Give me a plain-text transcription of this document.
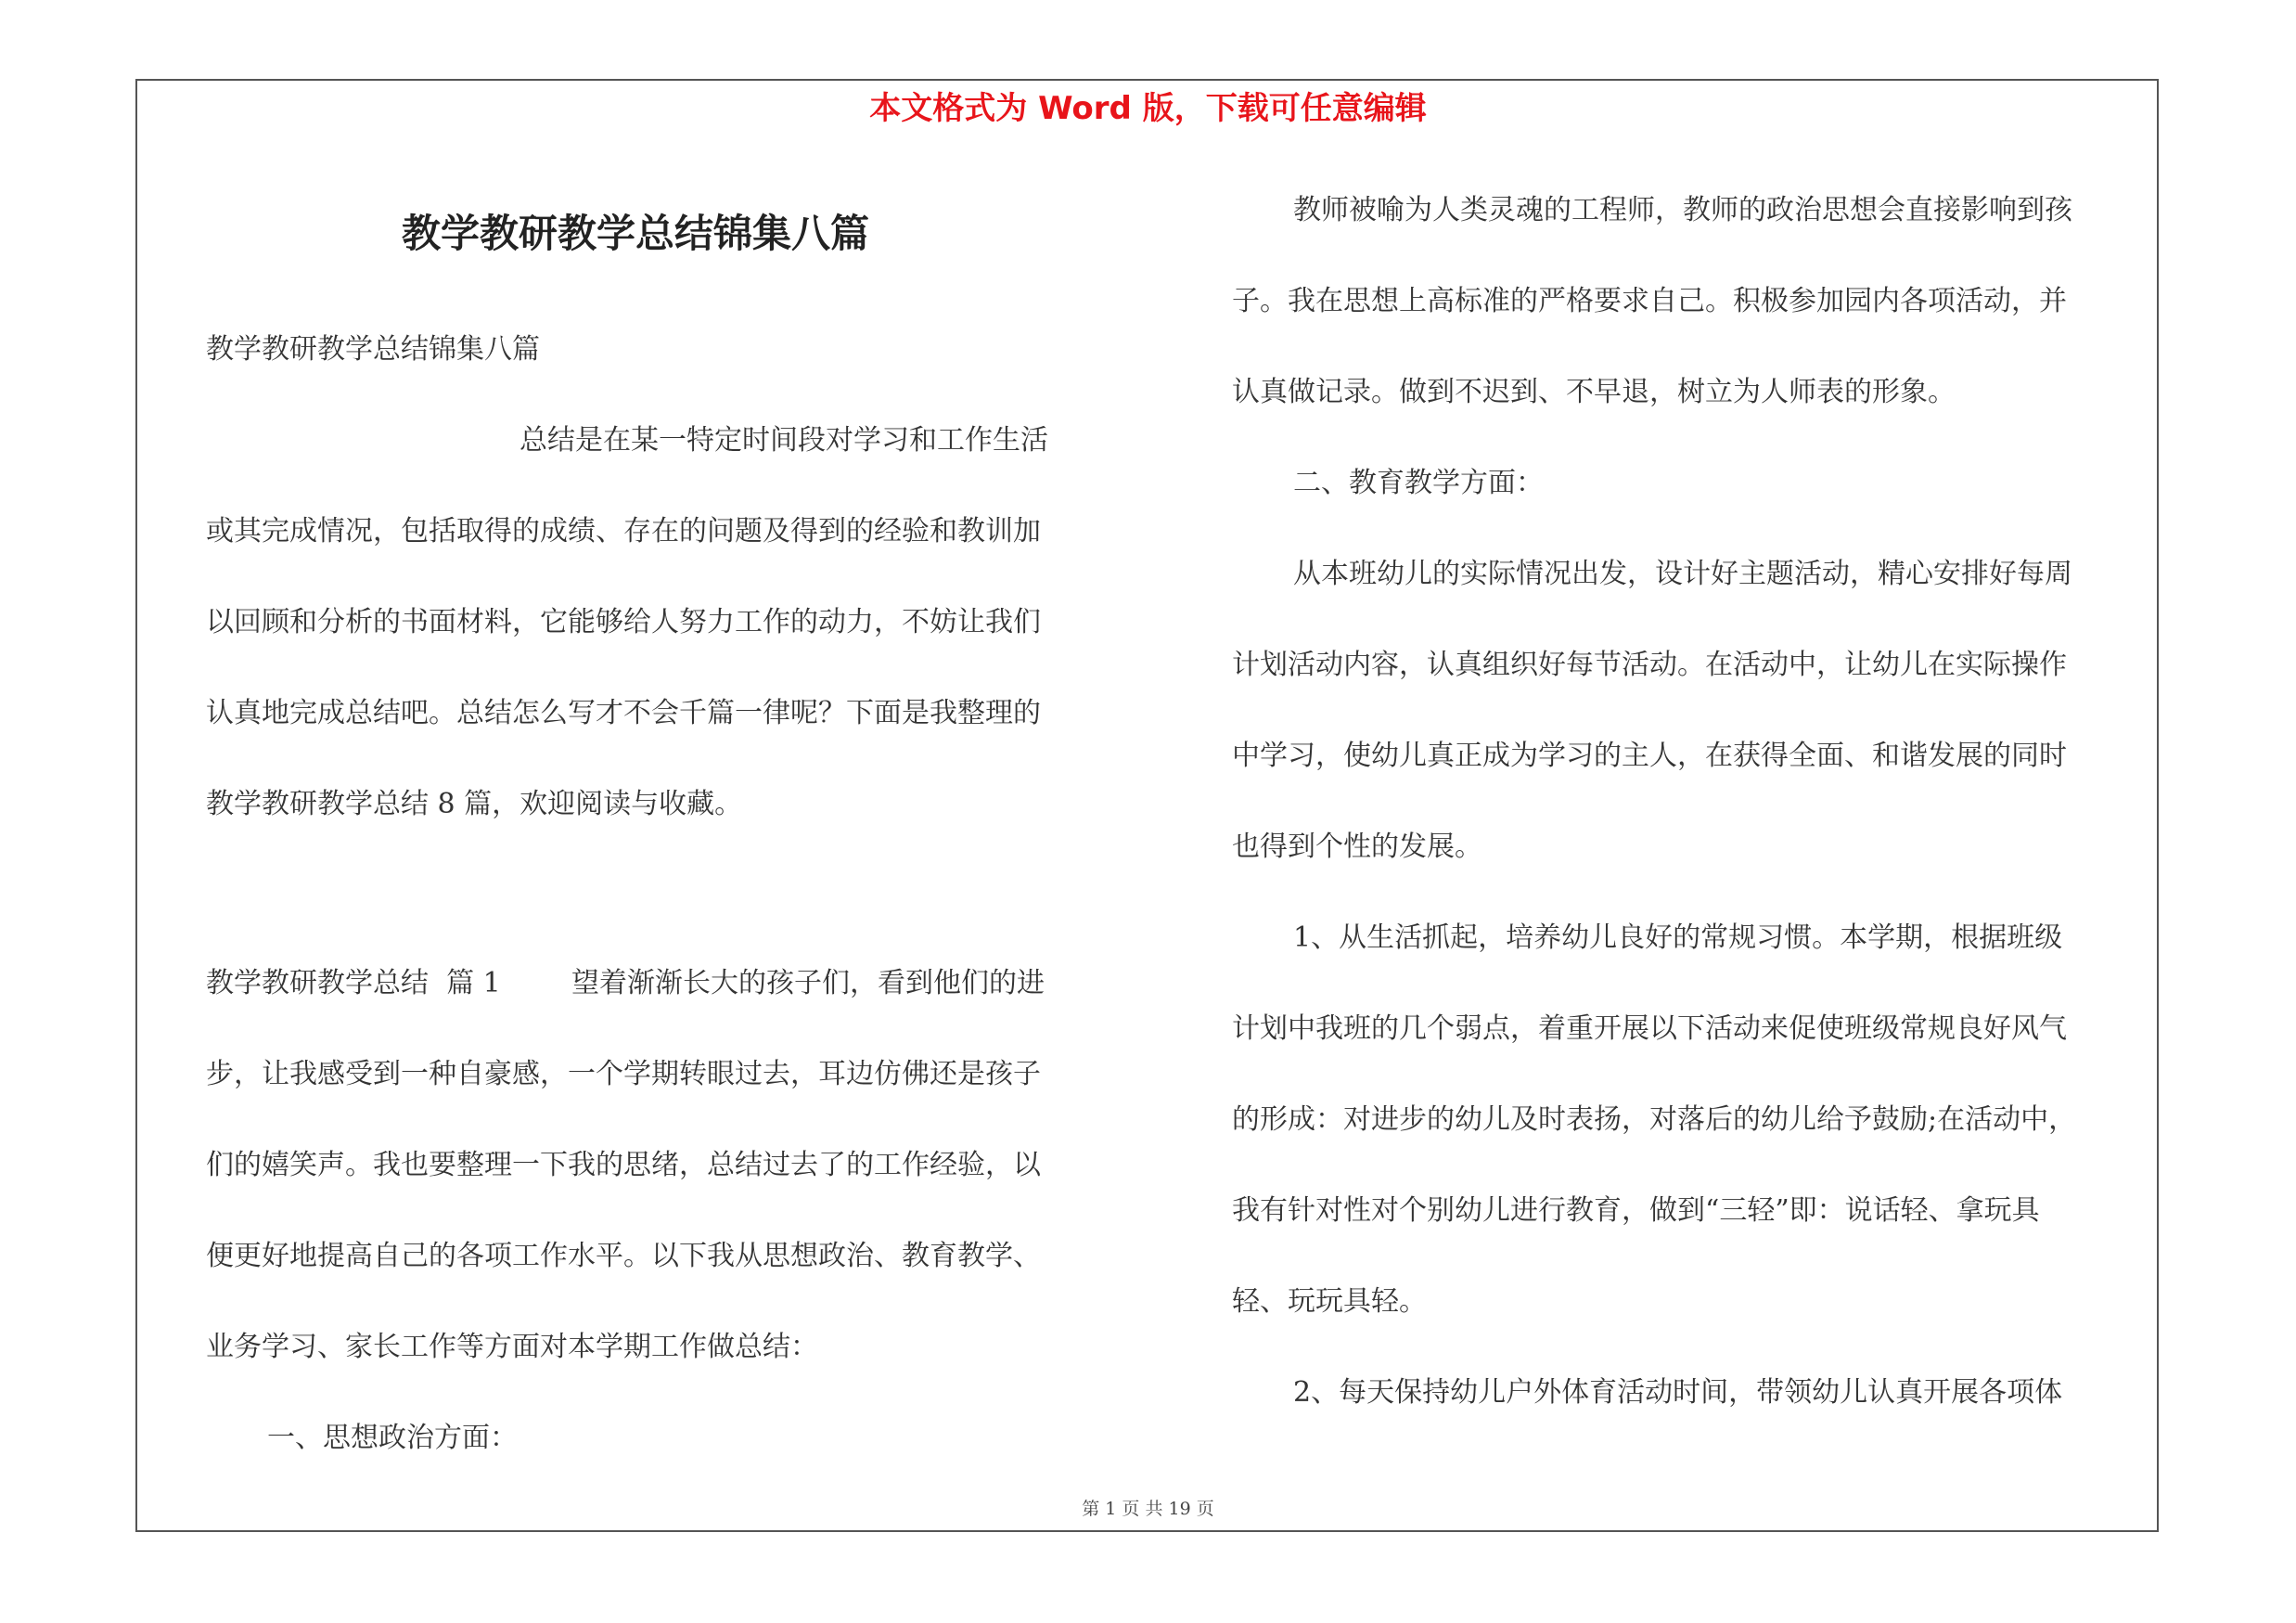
本文格式为 Word 版，下载可任意编辑
教学教研教学总结锦集八篇
教学教研教学总结锦集八篇
总结是在某一特定时间段对学习和工作生活
或其完成情况，包括取得的成绩、存在的问题及得到的经验和教训加
以回顾和分析的书面材料，它能够给人努力工作的动力，不妨让我们
认真地完成总结吧。总结怎么写才不会千篇一律呢？下面是我整理的
教学教研教学总结 8 篇，欢迎阅读与收藏。
教学教研教学总结  篇 1        望着渐渐长大的孩子们，看到他们的进
步，让我感受到一种自豪感，一个学期转眼过去，耳边仿佛还是孩子
们的嬉笑声。我也要整理一下我的思绪，总结过去了的工作经验，以
便更好地提高自己的各项工作水平。以下我从思想政治、教育教学、
业务学习、家长工作等方面对本学期工作做总结：
一、思想政治方面：
教师被喻为人类灵魂的工程师，教师的政治思想会直接影响到孩
子。我在思想上高标准的严格要求自己。积极参加园内各项活动，并
认真做记录。做到不迟到、不早退，树立为人师表的形象。
二、教育教学方面：
从本班幼儿的实际情况出发，设计好主题活动，精心安排好每周
计划活动内容，认真组织好每节活动。在活动中，让幼儿在实际操作
中学习，使幼儿真正成为学习的主人，在获得全面、和谐发展的同时
也得到个性的发展。
1、从生活抓起，培养幼儿良好的常规习惯。本学期，根据班级
计划中我班的几个弱点，着重开展以下活动来促使班级常规良好风气
的形成：对进步的幼儿及时表扬，对落后的幼儿给予鼓励;在活动中，
我有针对性对个别幼儿进行教育，做到“三轻”即：说话轻、拿玩具
轻、玩玩具轻。
2、每天保持幼儿户外体育活动时间，带领幼儿认真开展各项体
第 1 页 共 19 页
